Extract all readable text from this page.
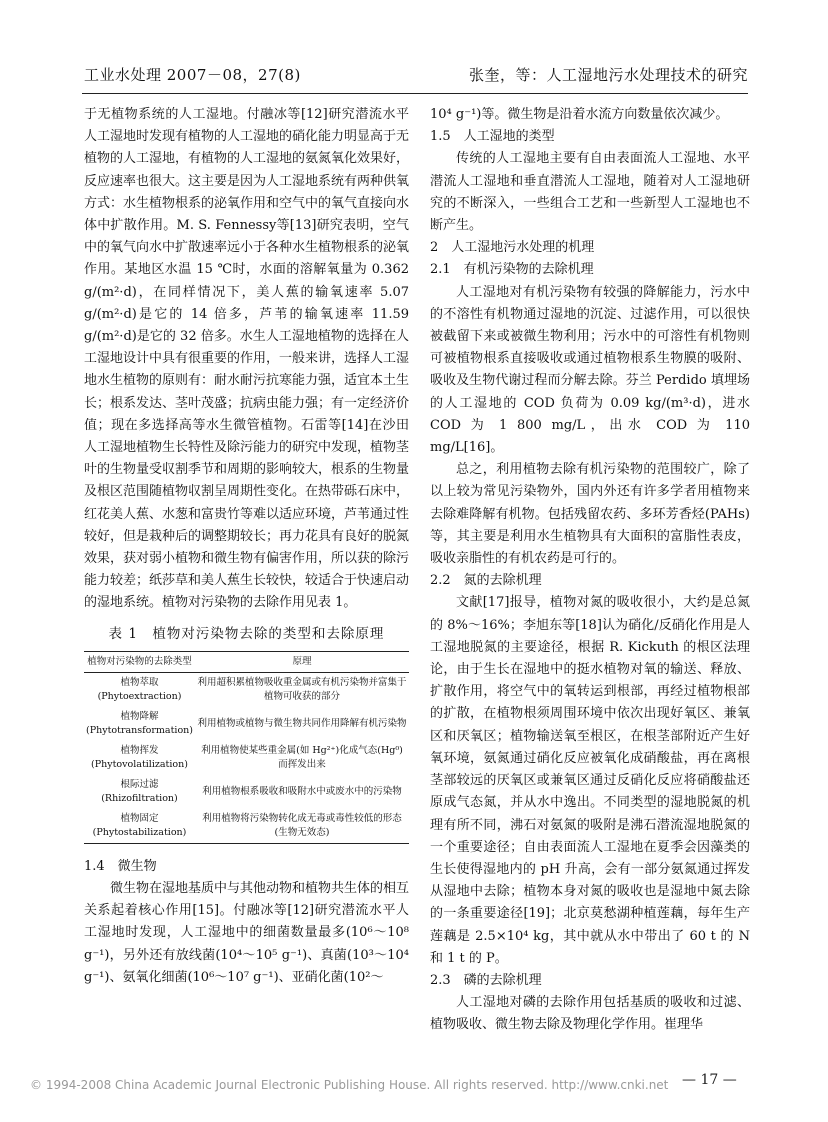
工业水处理 2007－08，27(8)	张奎，等：人工湿地污水处理技术的研究

于无植物系统的人工湿地。付融冰等[12]研究潜流水平人工湿地时发现有植物的人工湿地的硝化能力明显高于无植物的人工湿地，有植物的人工湿地的氨氮氧化效果好，反应速率也很大。这主要是因为人工湿地系统有两种供氧方式：水生植物根系的泌氧作用和空气中的氧气直接向水体中扩散作用。M. S. Fennessy等[13]研究表明，空气中的氧气向水中扩散速率远小于各种水生植物根系的泌氧作用。某地区水温 15 ℃时，水面的溶解氧量为 0.362 g/(m²·d)，在同样情况下，美人蕉的输氧速率 5.07 g/(m²·d)是它的 14 倍多，芦苇的输氧速率 11.59 g/(m²·d)是它的 32 倍多。水生人工湿地植物的选择在人工湿地设计中具有很重要的作用，一般来讲，选择人工湿地水生植物的原则有：耐水耐污抗寒能力强，适宜本土生长；根系发达、茎叶茂盛；抗病虫能力强；有一定经济价值；现在多选择高等水生微管植物。石雷等[14]在沙田人工湿地植物生长特性及除污能力的研究中发现，植物茎叶的生物量受収割季节和周期的影响较大，根系的生物量及根区范围随植物収割呈周期性变化。在热带砾石床中，红花美人蕉、水葱和富贵竹等难以适应环境，芦苇通过性较好，但是栽种后的调整期较长；再力花具有良好的脱氮效果，获对弱小植物和微生物有偏害作用，所以获的除污能力较差；纸莎草和美人蕉生长较快，较适合于快速启动的湿地系统。植物对污染物的去除作用见表 1。

表 1　植物对污染物去除的类型和去除原理
植物对污染物的去除类型	原理
植物萃取
(Phytoextraction)	利用超积累植物吸收重金属或有机污染物并富集于植物可收获的部分
植物降解
(Phytotransformation)	利用植物或植物与微生物共同作用降解有机污染物
植物挥发
(Phytovolatilization)	利用植物使某些重金属(如 Hg²⁺)化成气态(Hg⁰)而挥发出来
根际过滤
(Rhizofiltration)	利用植物根系吸收和吸附水中或废水中的污染物
植物固定
(Phytostabilization)	利用植物将污染物转化成无毒或毒性较低的形态(生物无效态)

1.4　微生物

微生物在湿地基质中与其他动物和植物共生体的相互关系起着核心作用[15]。付融冰等[12]研究潜流水平人工湿地时发现，人工湿地中的细菌数量最多(10⁶～10⁸ g⁻¹)，另外还有放线菌(10⁴～10⁵ g⁻¹)、真菌(10³～10⁴ g⁻¹)、氨氧化细菌(10⁶～10⁷ g⁻¹)、亚硝化菌(10²～

10⁴ g⁻¹)等。微生物是沿着水流方向数量依次减少。

1.5　人工湿地的类型

传统的人工湿地主要有自由表面流人工湿地、水平潜流人工湿地和垂直潜流人工湿地，随着对人工湿地研究的不断深入，一些组合工艺和一些新型人工湿地也不断产生。

2　人工湿地污水处理的机理

2.1　有机污染物的去除机理

人工湿地对有机污染物有较强的降解能力，污水中的不溶性有机物通过湿地的沉淀、过滤作用，可以很快被截留下来或被微生物利用；污水中的可溶性有机物则可被植物根系直接吸收或通过植物根系生物膜的吸附、吸收及生物代谢过程而分解去除。芬兰 Perdido 填埋场的人工湿地的 COD 负荷为 0.09 kg/(m³·d)，进水 COD 为 1 800 mg/L，出水 COD 为 110 mg/L[16]。

总之，利用植物去除有机污染物的范围较广，除了以上较为常见污染物外，国内外还有许多学者用植物来去除难降解有机物。包括残留农药、多环芳香烃(PAHs)等，其主要是利用水生植物具有大面积的富脂性表皮，吸收亲脂性的有机农药是可行的。

2.2　氮的去除机理

文献[17]报导，植物对氮的吸收很小，大约是总氮的 8%～16%；李旭东等[18]认为硝化/反硝化作用是人工湿地脱氮的主要途径，根据 R. Kickuth 的根区法理论，由于生长在湿地中的挺水植物对氧的输送、释放、扩散作用，将空气中的氧转运到根部，再经过植物根部的扩散，在植物根须周围环境中依次出现好氧区、兼氧区和厌氧区；植物输送氧至根区，在根茎部附近产生好氧环境，氨氮通过硝化反应被氧化成硝酸盐，再在离根茎部较远的厌氧区或兼氧区通过反硝化反应将硝酸盐还原成气态氮，并从水中逸出。不同类型的湿地脱氮的机理有所不同，沸石对氨氮的吸附是沸石潜流湿地脱氮的一个重要途径；自由表面流人工湿地在夏季会因藻类的生长使得湿地内的 pH 升高，会有一部分氨氮通过挥发从湿地中去除；植物本身对氮的吸收也是湿地中氮去除的一条重要途径[19]；北京莫愁湖种植莲藕，每年生产莲藕是 2.5×10⁴ kg，其中就从水中带出了 60 t 的 N 和 1 t 的 P。

2.3　磷的去除机理

人工湿地对磷的去除作用包括基质的吸收和过滤、植物吸收、微生物去除及物理化学作用。崔理华

© 1994-2008 China Academic Journal Electronic Publishing House. All rights reserved. http://www.cnki.net — 17 —
